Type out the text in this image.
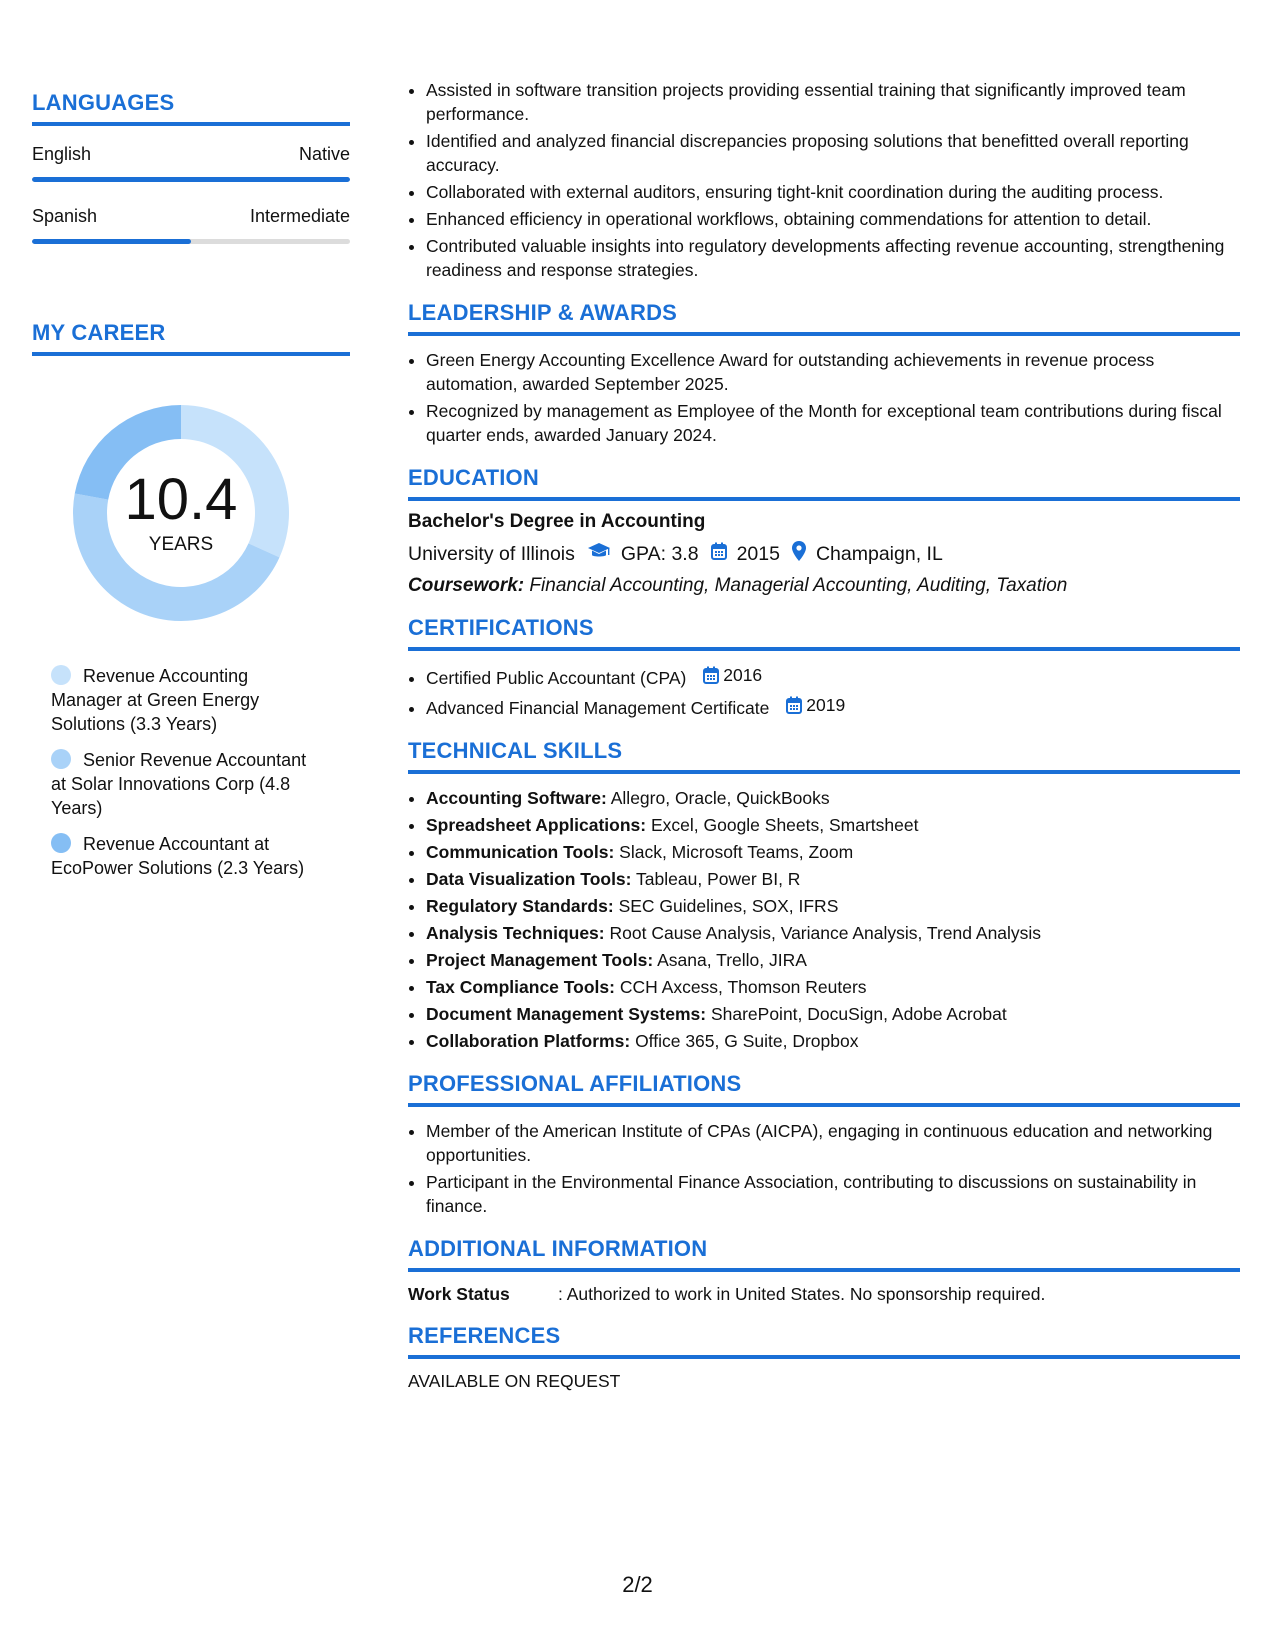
LANGUAGES
English	Native
Spanish	Intermediate
MY CAREER
10.4
YEARS
Revenue Accounting Manager at Green Energy Solutions (3.3 Years)
Senior Revenue Accountant at Solar Innovations Corp (4.8 Years)
Revenue Accountant at EcoPower Solutions (2.3 Years)
• Assisted in software transition projects providing essential training that significantly improved team performance.
• Identified and analyzed financial discrepancies proposing solutions that benefitted overall reporting accuracy.
• Collaborated with external auditors, ensuring tight-knit coordination during the auditing process.
• Enhanced efficiency in operational workflows, obtaining commendations for attention to detail.
• Contributed valuable insights into regulatory developments affecting revenue accounting, strengthening readiness and response strategies.
LEADERSHIP & AWARDS
• Green Energy Accounting Excellence Award for outstanding achievements in revenue process automation, awarded September 2025.
• Recognized by management as Employee of the Month for exceptional team contributions during fiscal quarter ends, awarded January 2024.
EDUCATION
Bachelor's Degree in Accounting
University of Illinois GPA: 3.8 2015 Champaign, IL
Coursework: Financial Accounting, Managerial Accounting, Auditing, Taxation
CERTIFICATIONS
• Certified Public Accountant (CPA) 2016
• Advanced Financial Management Certificate 2019
TECHNICAL SKILLS
• Accounting Software: Allegro, Oracle, QuickBooks
• Spreadsheet Applications: Excel, Google Sheets, Smartsheet
• Communication Tools: Slack, Microsoft Teams, Zoom
• Data Visualization Tools: Tableau, Power BI, R
• Regulatory Standards: SEC Guidelines, SOX, IFRS
• Analysis Techniques: Root Cause Analysis, Variance Analysis, Trend Analysis
• Project Management Tools: Asana, Trello, JIRA
• Tax Compliance Tools: CCH Axcess, Thomson Reuters
• Document Management Systems: SharePoint, DocuSign, Adobe Acrobat
• Collaboration Platforms: Office 365, G Suite, Dropbox
PROFESSIONAL AFFILIATIONS
• Member of the American Institute of CPAs (AICPA), engaging in continuous education and networking opportunities.
• Participant in the Environmental Finance Association, contributing to discussions on sustainability in finance.
ADDITIONAL INFORMATION
Work Status	: Authorized to work in United States. No sponsorship required.
REFERENCES
AVAILABLE ON REQUEST
2/2
